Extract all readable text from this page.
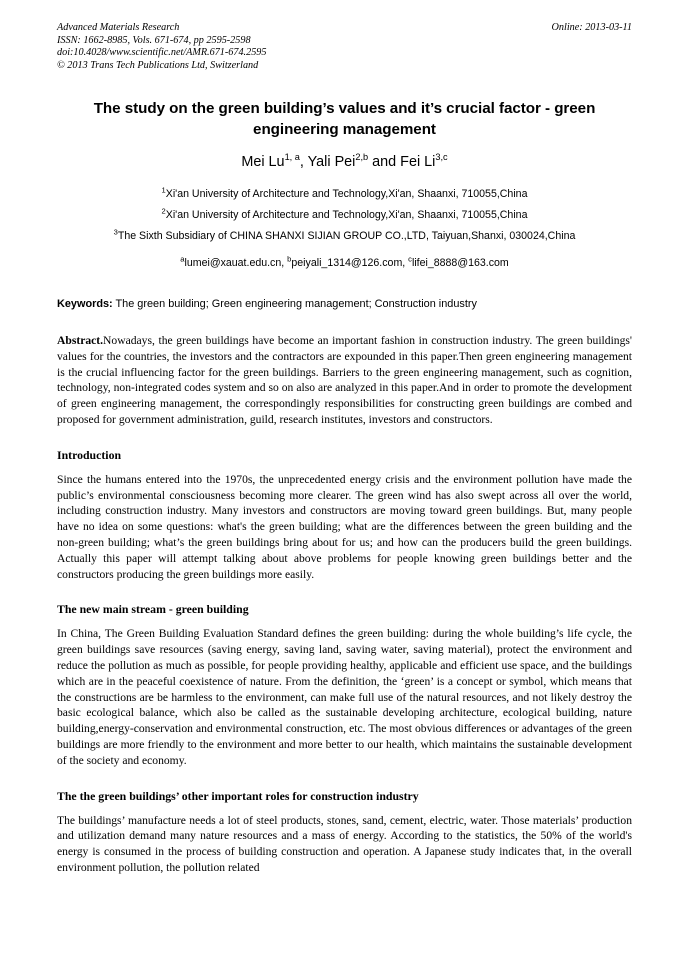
Advanced Materials Research
ISSN: 1662-8985, Vols. 671-674, pp 2595-2598
doi:10.4028/www.scientific.net/AMR.671-674.2595
© 2013 Trans Tech Publications Ltd, Switzerland
Online: 2013-03-11
The study on the green building’s values and it’s crucial factor - green engineering management
Mei Lu$^{1, a}$, Yali Pei$^{2,b}$ and Fei Li$^{3,c}$
$^1$Xi'an University of Architecture and Technology,Xi'an, Shaanxi, 710055,China
$^2$Xi'an University of Architecture and Technology,Xi'an, Shaanxi, 710055,China
$^3$The Sixth Subsidiary of CHINA SHANXI SIJIAN GROUP CO.,LTD, Taiyuan,Shanxi, 030024,China
$^a$lumei@xauat.edu.cn, $^b$peiyali_1314@126.com, $^c$lifei_8888@163.com
Keywords: The green building; Green engineering management; Construction industry
Abstract.Nowadays, the green buildings have become an important fashion in construction industry. The green buildings' values for the countries, the investors and the contractors are expounded in this paper.Then green engineering management is the crucial influencing factor for the green buildings. Barriers to the green engineering management, such as cognition, technology, non-integrated codes system and so on also are analyzed in this paper.And in order to promote the development of green engineering management, the correspondingly responsibilities for constructing green buildings are combed and proposed for government administration, guild, research institutes, investors and constructors.
Introduction

Since the humans entered into the 1970s, the unprecedented energy crisis and the environment pollution have made the public’s environmental consciousness becoming more clearer. The green wind has also swept across all over the world, including construction industry. Many investors and constructors are moving toward green buildings. But, many people have no idea on some questions: what's the green building; what are the differences between the green building and the non-green building; what’s the green buildings bring about for us; and how can the producers build the green buildings. Actually this paper will attempt talking about above problems for people knowing green buildings better and the constructors producing the green buildings more easily.

The new main stream - green building

In China, The Green Building Evaluation Standard defines the green building: during the whole building’s life cycle, the green buildings save resources (saving energy, saving land, saving water, saving material), protect the environment and reduce the pollution as much as possible, for people providing healthy, applicable and efficient use space, and the buildings which are in the peaceful coexistence of nature. From the definition, the ‘green’ is a concept or symbol, which means that the constructions are be harmless to the environment, can make full use of the natural resources, and not likely destroy the basic ecological balance, which also be called as the sustainable developing architecture, ecological building, nature building,energy-conservation and environmental construction, etc. The most obvious differences or advantages of the green buildings are more friendly to the environment and more better to our health, which maintains the sustainable development of the society and economy.

The the green buildings’ other important roles for construction industry

The buildings’ manufacture needs a lot of steel products, stones, sand, cement, electric, water. Those materials’ production and utilization demand many nature resources and a mass of energy. According to the statistics, the 50% of the world's energy is consumed in the process of building construction and operation. A Japanese study indicates that, in the overall environment pollution, the pollution related
